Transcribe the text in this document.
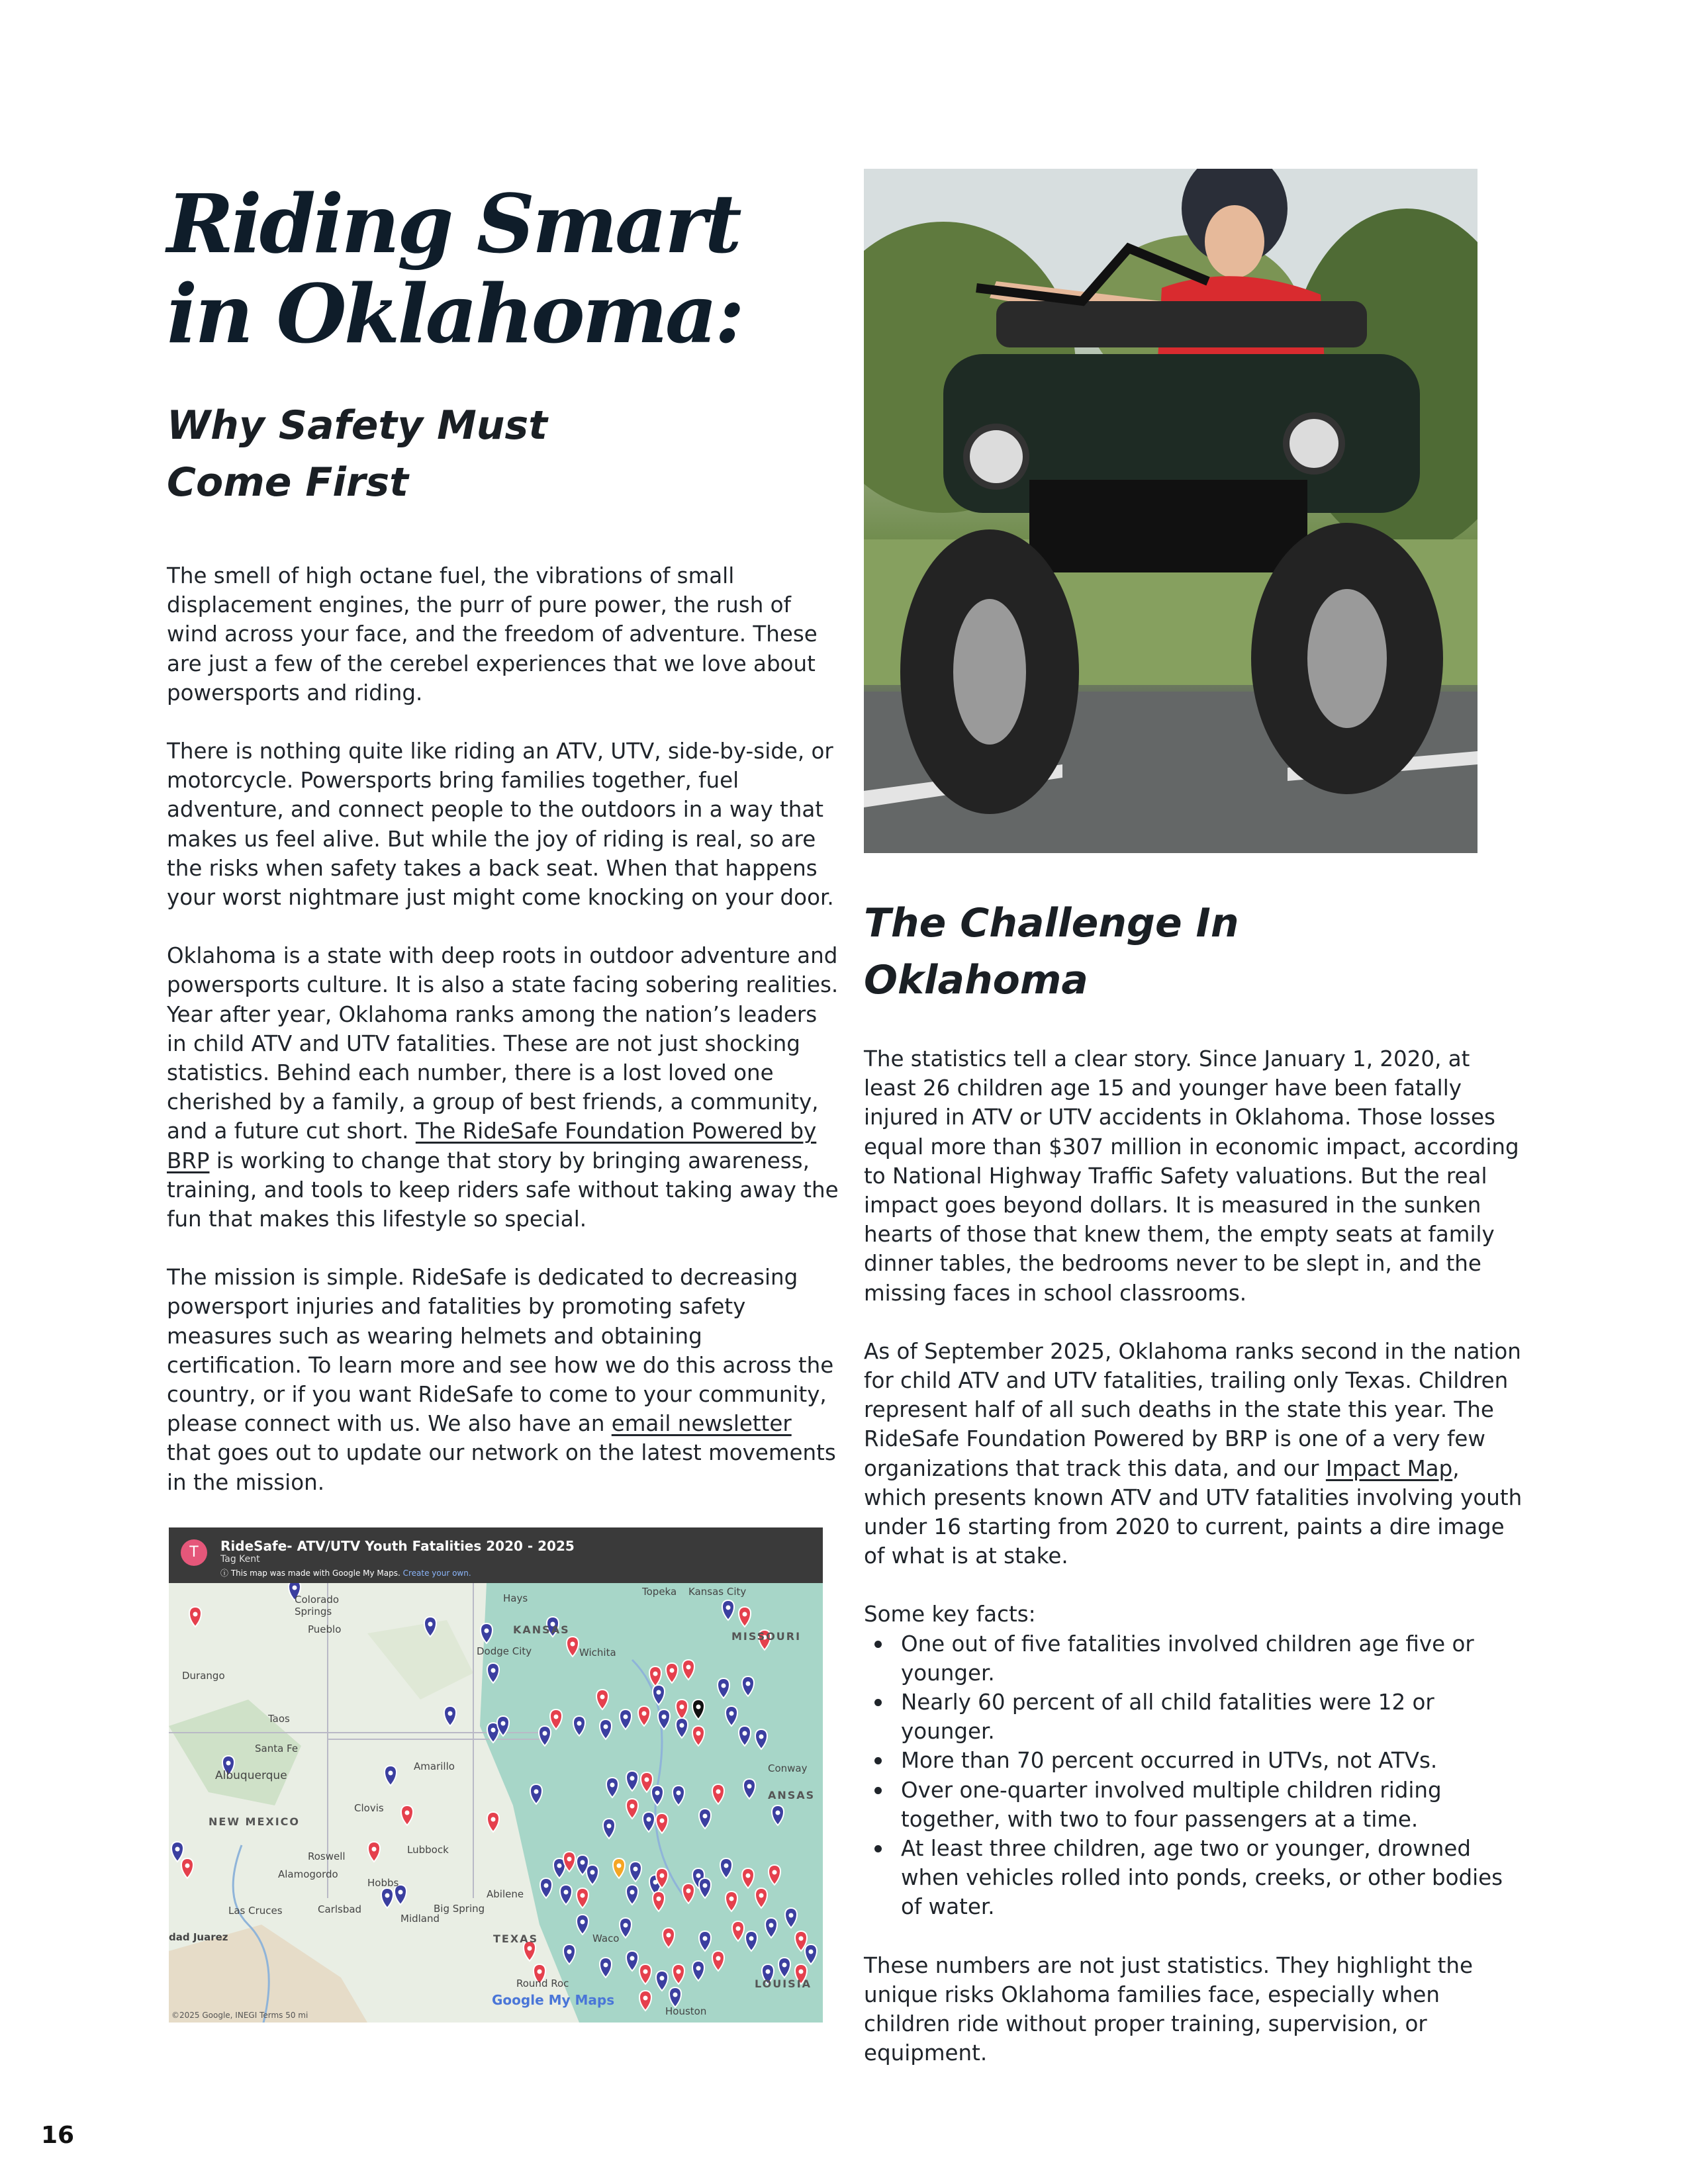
Riding Smart
in Oklahoma:
Why Safety Must
Come First

The smell of high octane fuel, the vibrations of small displacement engines, the purr of pure power, the rush of wind across your face, and the freedom of adventure. These are just a few of the cerebel experiences that we love about powersports and riding.

There is nothing quite like riding an ATV, UTV, side-by-side, or motorcycle. Powersports bring families together, fuel adventure, and connect people to the outdoors in a way that makes us feel alive. But while the joy of riding is real, so are the risks when safety takes a back seat. When that happens your worst nightmare just might come knocking on your door.

Oklahoma is a state with deep roots in outdoor adventure and powersports culture. It is also a state facing sobering realities. Year after year, Oklahoma ranks among the nation’s leaders in child ATV and UTV fatalities. These are not just shocking statistics. Behind each number, there is a lost loved one cherished by a family, a group of best friends, a community, and a future cut short. The RideSafe Foundation Powered by BRP is working to change that story by bringing awareness, training, and tools to keep riders safe without taking away the fun that makes this lifestyle so special.

The mission is simple. RideSafe is dedicated to decreasing powersport injuries and fatalities by promoting safety measures such as wearing helmets and obtaining certification. To learn more and see how we do this across the country, or if you want RideSafe to come to your community, please connect with us. We also have an email newsletter that goes out to update our network on the latest movements in the mission.

The Challenge In
Oklahoma

The statistics tell a clear story. Since January 1, 2020, at least 26 children age 15 and younger have been fatally injured in ATV or UTV accidents in Oklahoma. Those losses equal more than $307 million in economic impact, according to National Highway Traffic Safety valuations. But the real impact goes beyond dollars. It is measured in the sunken hearts of those that knew them, the empty seats at family dinner tables, the bedrooms never to be slept in, and the missing faces in school classrooms.

As of September 2025, Oklahoma ranks second in the nation for child ATV and UTV fatalities, trailing only Texas. Children represent half of all such deaths in the state this year. The RideSafe Foundation Powered by BRP is one of a very few organizations that track this data, and our Impact Map, which presents known ATV and UTV fatalities involving youth under 16 starting from 2020 to current, paints a dire image of what is at stake.

Some key facts:

One out of five fatalities involved children age five or younger.
Nearly 60 percent of all child fatalities were 12 or younger.
More than 70 percent occurred in UTVs, not ATVs.
Over one-quarter involved multiple children riding together, with two to four passengers at a time.
At least three children, age two or younger, drowned when vehicles rolled into ponds, creeks, or other bodies of water.

These numbers are not just statistics. They highlight the unique risks Oklahoma families face, especially when children ride without proper training, supervision, or equipment.

T	RideSafe- ATV/UTV Youth Fatalities 2020 - 2025
Tag Kent
ⓘ This map was made with Google My Maps. Create your own.
KANSAS
MISSOURI
NEW MEXICO
TEXAS
LOUISIA
ANSAS
Albuquerque
Wichita
Pueblo
Santa Fe
Amarillo
Lubbock
Roswell
Las Cruces
dad Juarez	Waco
Houston
Topeka Kansas City
Dodge City
Colorado Springs
Alamogordo
Carlsbad
Hobbs
Midland
Big Spring
Abilene
Clovis
Taos
Durango
Hays
Conway
Round Roc
Google My Maps
©2025 Google, INEGI Terms 50 mi
16
